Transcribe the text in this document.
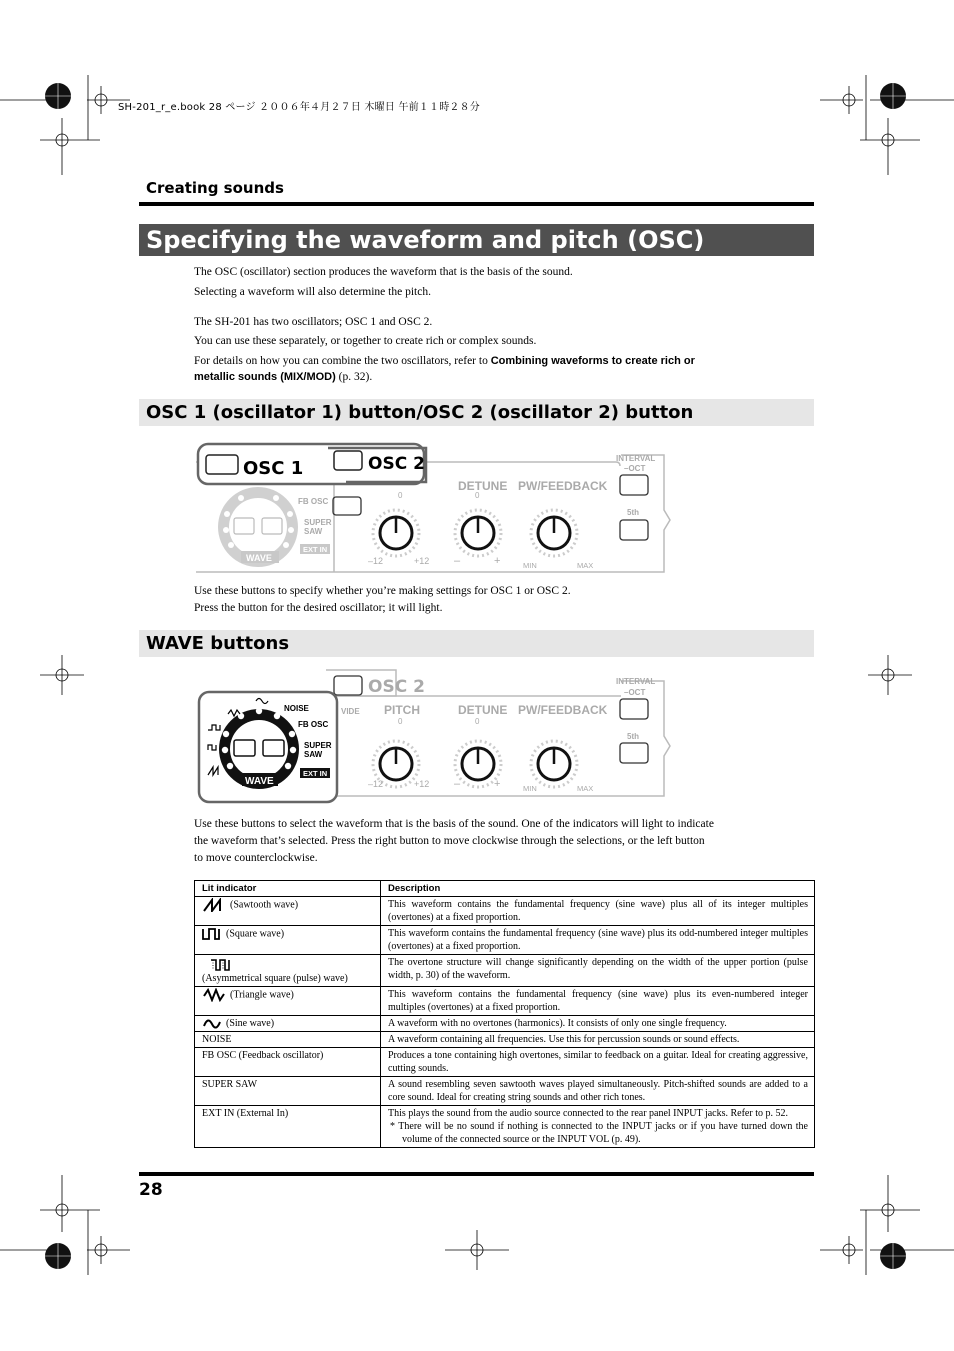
SH-201_r_e.book 28 ページ ２００６年４月２７日 木曜日 午前１１時２８分
Creating sounds
Specifying the waveform and pitch (OSC)
The OSC (oscillator) section produces the waveform that is the basis of the sound.
Selecting a waveform will also determine the pitch.
The SH-201 has two oscillators; OSC 1 and OSC 2.
You can use these separately, or together to create rich or complex sounds.
For details on how you can combine the two oscillators, refer to Combining waveforms to create rich or
metallic sounds (MIX/MOD) (p. 32).
OSC 1 (oscillator 1) button/OSC 2 (oscillator 2) button
OSC 1	OSC 2	INTERVAL
–OCT
5th
DETUNE PW/FEEDBACK
WAVE
FB OSC
SUPER
SAW
EXT IN
0	0
–12	+12 –	+	MIN	MAX
Use these buttons to specify whether you’re making settings for OSC 1 or OSC 2.
Press the button for the desired oscillator; it will light.
WAVE buttons
OSC 2
VIDE PITCH	DETUNE PW/FEEDBACK
INTERVAL
–OCT
5th
0	0
–12	+12 –	+	MIN	MAX
WAVE
NOISE
FB OSC
SUPER
SAW
EXT IN
Use these buttons to select the waveform that is the basis of the sound. One of the indicators will light to indicate
the waveform that’s selected. Press the right button to move clockwise through the selections, or the left button
to move counterclockwise.
Lit indicator	Description
(Sawtooth wave)	This waveform contains the fundamental frequency (sine wave) plus all of its integer multiples (overtones) at a fixed proportion.
(Square wave)	This waveform contains the fundamental frequency (sine wave) plus its odd-numbered integer multiples (overtones) at a fixed proportion.

(Asymmetrical square (pulse) wave)	The overtone structure will change significantly depending on the width of the upper portion (pulse width, p. 30) of the waveform.
(Triangle wave)	This waveform contains the fundamental frequency (sine wave) plus its even-numbered integer multiples (overtones) at a fixed proportion.
(Sine wave)	A waveform with no overtones (harmonics). It consists of only one single frequency.
NOISE	A waveform containing all frequencies. Use this for percussion sounds or sound effects.
FB OSC (Feedback oscillator)	Produces a tone containing high overtones, similar to feedback on a guitar. Ideal for creating aggressive, cutting sounds.
SUPER SAW	A sound resembling seven sawtooth waves played simultaneously. Pitch-shifted sounds are added to a core sound. Ideal for creating string sounds and other rich tones.
EXT IN (External In)	This plays the sound from the audio source connected to the rear panel INPUT jacks. Refer to p. 52.
* There will be no sound if nothing is connected to the INPUT jacks or if you have turned down the volume of the connected source or the INPUT VOL (p. 49).
28
